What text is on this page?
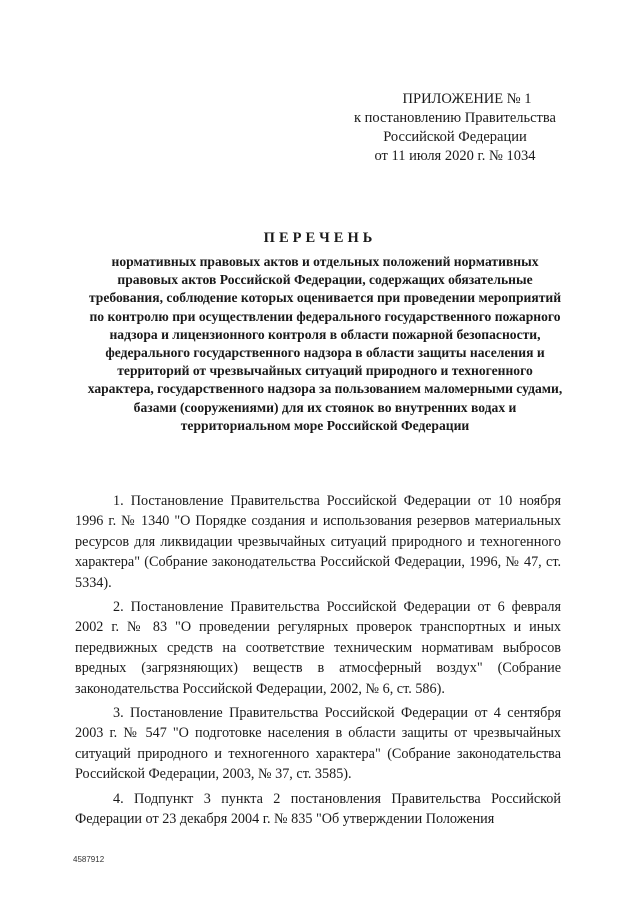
ПРИЛОЖЕНИЕ № 1
к постановлению Правительства
Российской Федерации
от 11 июля 2020 г. № 1034
ПЕРЕЧЕНЬ
нормативных правовых актов и отдельных положений нормативных правовых актов Российской Федерации, содержащих обязательные требования, соблюдение которых оценивается при проведении мероприятий по контролю при осуществлении федерального государственного пожарного надзора и лицензионного контроля в области пожарной безопасности, федерального государственного надзора в области защиты населения и территорий от чрезвычайных ситуаций природного и техногенного характера, государственного надзора за пользованием маломерными судами, базами (сооружениями) для их стоянок во внутренних водах и территориальном море Российской Федерации

1. Постановление Правительства Российской Федерации от 10 ноября 1996 г. № 1340 "О Порядке создания и использования резервов материальных ресурсов для ликвидации чрезвычайных ситуаций природного и техногенного характера" (Собрание законодательства Российской Федерации, 1996, № 47, ст. 5334).

2. Постановление Правительства Российской Федерации от 6 февраля 2002 г. № 83 "О проведении регулярных проверок транспортных и иных передвижных средств на соответствие техническим нормативам выбросов вредных (загрязняющих) веществ в атмосферный воздух" (Собрание законодательства Российской Федерации, 2002, № 6, ст. 586).

3. Постановление Правительства Российской Федерации от 4 сентября 2003 г. № 547 "О подготовке населения в области защиты от чрезвычайных ситуаций природного и техногенного характера" (Собрание законодательства Российской Федерации, 2003, № 37, ст. 3585).

4. Подпункт 3 пункта 2 постановления Правительства Российской Федерации от 23 декабря 2004 г. № 835 "Об утверждении Положения

4587912
